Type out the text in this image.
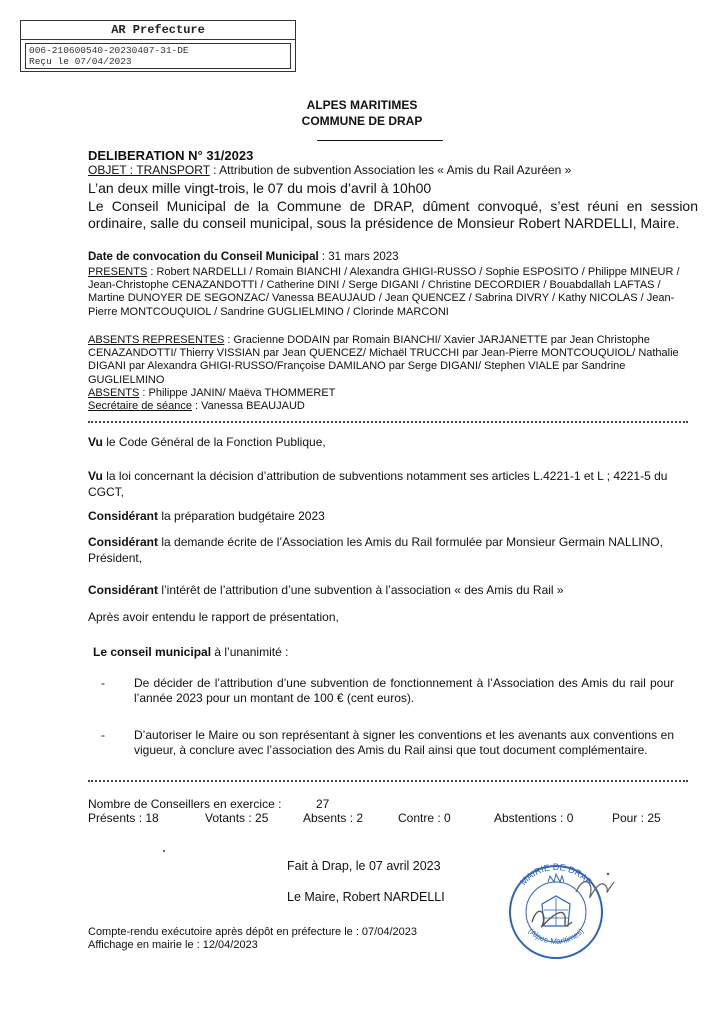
AR Prefecture
006-210600540-20230407-31-DE
Reçu le 07/04/2023
ALPES MARITIMES
COMMUNE DE DRAP
DELIBERATION N° 31/2023
OBJET : TRANSPORT : Attribution de subvention Association les « Amis du Rail Azuréen »
L’an deux mille vingt-trois, le 07 du mois d’avril à 10h00
Le Conseil Municipal de la Commune de DRAP, dûment convoqué, s’est réuni en session ordinaire, salle du conseil municipal, sous la présidence de Monsieur Robert NARDELLI, Maire.
Date de convocation du Conseil Municipal : 31 mars 2023
PRESENTS : Robert NARDELLI / Romain BIANCHI / Alexandra GHIGI-RUSSO / Sophie ESPOSITO / Philippe MINEUR / Jean-Christophe CENAZANDOTTI / Catherine DINI / Serge DIGANI / Christine DECORDIER / Bouabdallah LAFTAS / Martine DUNOYER DE SEGONZAC/ Vanessa BEAUJAUD / Jean QUENCEZ / Sabrina DIVRY / Kathy NICOLAS / Jean-Pierre MONTCOUQUIOL / Sandrine GUGLIELMINO / Clorinde MARCONI
ABSENTS REPRESENTES : Gracienne DODAIN par Romain BIANCHI/ Xavier JARJANETTE par Jean Christophe CENAZANDOTTI/ Thierry VISSIAN par Jean QUENCEZ/ Michaël TRUCCHI par Jean-Pierre MONTCOUQUIOL/ Nathalie DIGANI par Alexandra GHIGI-RUSSO/Françoise DAMILANO par Serge DIGANI/ Stephen VIALE par Sandrine GUGLIELMINO
ABSENTS : Philippe JANIN/ Maëva THOMMERET
Secrétaire de séance : Vanessa BEAUJAUD
Vu le Code Général de la Fonction Publique,
Vu la loi concernant la décision d’attribution de subventions notamment ses articles L.4221-1 et L ; 4221-5 du CGCT,
Considérant la préparation budgétaire 2023
Considérant la demande écrite de l’Association les Amis du Rail formulée par Monsieur Germain NALLINO, Président,
Considérant l’intérêt de l’attribution d’une subvention à l’association « des Amis du Rail »
Après avoir entendu le rapport de présentation,
Le conseil municipal à l’unanimité :
- De décider de l’attribution d’une subvention de fonctionnement à l’Association des Amis du rail pour l’année 2023 pour un montant de 100 € (cent euros).
- D’autoriser le Maire ou son représentant à signer les conventions et les avenants aux conventions en vigueur, à conclure avec l’association des Amis du Rail ainsi que tout document complémentaire.
Nombre de Conseillers en exercice :	27
Présents : 18	Votants : 25	Absents : 2	Contre : 0	Abstentions : 0	Pour : 25
Fait à Drap, le 07 avril 2023
Le Maire, Robert NARDELLI
MAIRIE DE DRAP
(Alpes-Maritimes)
Compte-rendu exécutoire après dépôt en préfecture le : 07/04/2023
Affichage en mairie le : 12/04/2023
